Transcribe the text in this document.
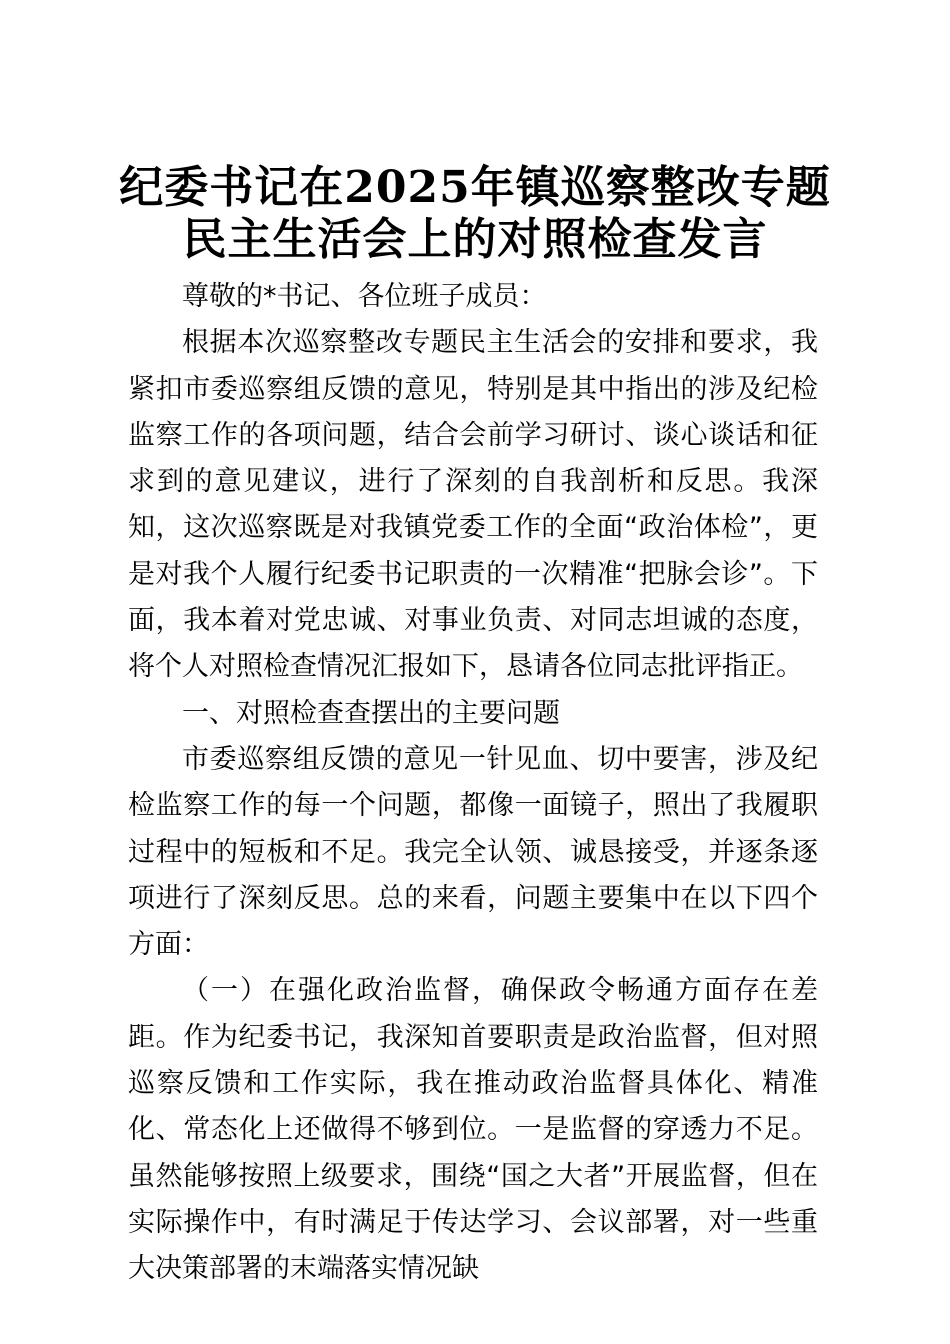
纪委书记在2025年镇巡察整改专题民主生活会上的对照检查发言

尊敬的*书记、各位班子成员：

根据本次巡察整改专题民主生活会的安排和要求，我紧扣市委巡察组反馈的意见，特别是其中指出的涉及纪检监察工作的各项问题，结合会前学习研讨、谈心谈话和征求到的意见建议，进行了深刻的自我剖析和反思。我深知，这次巡察既是对我镇党委工作的全面“政治体检”，更是对我个人履行纪委书记职责的一次精准“把脉会诊”。下面，我本着对党忠诚、对事业负责、对同志坦诚的态度，将个人对照检查情况汇报如下，恳请各位同志批评指正。

一、对照检查查摆出的主要问题

市委巡察组反馈的意见一针见血、切中要害，涉及纪检监察工作的每一个问题，都像一面镜子，照出了我履职过程中的短板和不足。我完全认领、诚恳接受，并逐条逐项进行了深刻反思。总的来看，问题主要集中在以下四个方面：

（一）在强化政治监督，确保政令畅通方面存在差距。作为纪委书记，我深知首要职责是政治监督，但对照巡察反馈和工作实际，我在推动政治监督具体化、精准化、常态化上还做得不够到位。一是监督的穿透力不足。虽然能够按照上级要求，围绕“国之大者”开展监督，但在实际操作中，有时满足于传达学习、会议部署，对一些重大决策部署的末端落实情况缺
